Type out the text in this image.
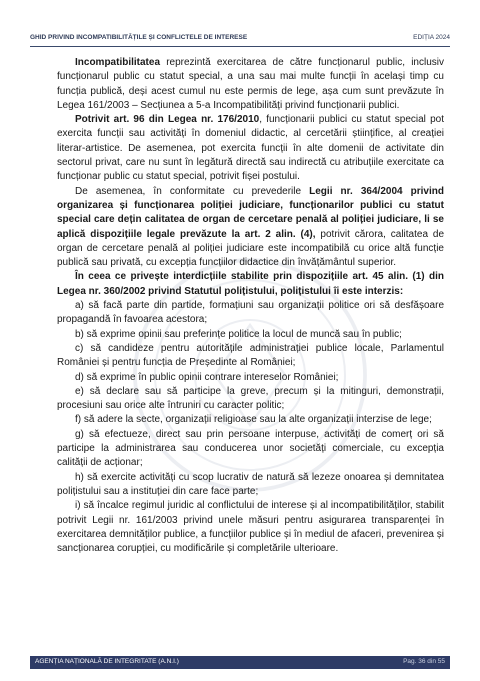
GHID PRIVIND INCOMPATIBILITĂȚILE ȘI CONFLICTELE DE INTERESE	EDIȚIA 2024

Incompatibilitatea reprezintă exercitarea de către funcționarul public, inclusiv funcționarul public cu statut special, a una sau mai multe funcții în același timp cu funcția publică, deși acest cumul nu este permis de lege, așa cum sunt prevăzute în Legea 161/2003 – Secțiunea a 5-a Incompatibilități privind funcționarii publici.

Potrivit art. 96 din Legea nr. 176/2010, funcționarii publici cu statut special pot exercita funcții sau activități în domeniul didactic, al cercetării științifice, al creației literar-artistice. De asemenea, pot exercita funcții în alte domenii de activitate din sectorul privat, care nu sunt în legătură directă sau indirectă cu atribuțiile exercitate ca funcționar public cu statut special, potrivit fișei postului.

De asemenea, în conformitate cu prevederile Legii nr. 364/2004 privind organizarea și funcționarea poliției judiciare, funcționarilor publici cu statut special care dețin calitatea de organ de cercetare penală al poliției judiciare, li se aplică dispozițiile legale prevăzute la art. 2 alin. (4), potrivit cărora, calitatea de organ de cercetare penală al poliției judiciare este incompatibilă cu orice altă funcție publică sau privată, cu excepția funcțiilor didactice din învățământul superior.

În ceea ce privește interdicțiile stabilite prin dispozițiile art. 45 alin. (1) din Legea nr. 360/2002 privind Statutul polițistului, polițistului îi este interzis:

a) să facă parte din partide, formațiuni sau organizații politice ori să desfășoare propagandă în favoarea acestora;

b) să exprime opinii sau preferințe politice la locul de muncă sau în public;

c) să candideze pentru autoritățile administrației publice locale, Parlamentul României și pentru funcția de Președinte al României;

d) să exprime în public opinii contrare intereselor României;

e) să declare sau să participe la greve, precum și la mitinguri, demonstrații, procesiuni sau orice alte întruniri cu caracter politic;

f) să adere la secte, organizații religioase sau la alte organizații interzise de lege;

g) să efectueze, direct sau prin persoane interpuse, activități de comerț ori să participe la administrarea sau conducerea unor societăți comerciale, cu excepția calității de acționar;

h) să exercite activități cu scop lucrativ de natură să lezeze onoarea și demnitatea polițistului sau a instituției din care face parte;

i) să încalce regimul juridic al conflictului de interese și al incompatibilităților, stabilit potrivit Legii nr. 161/2003 privind unele măsuri pentru asigurarea transparenței în exercitarea demnităților publice, a funcțiilor publice și în mediul de afaceri, prevenirea și sancționarea corupției, cu modificările și completările ulterioare.

AGENȚIA NAȚIONALĂ DE INTEGRITATE (A.N.I.)	Pag. 36 din 55
